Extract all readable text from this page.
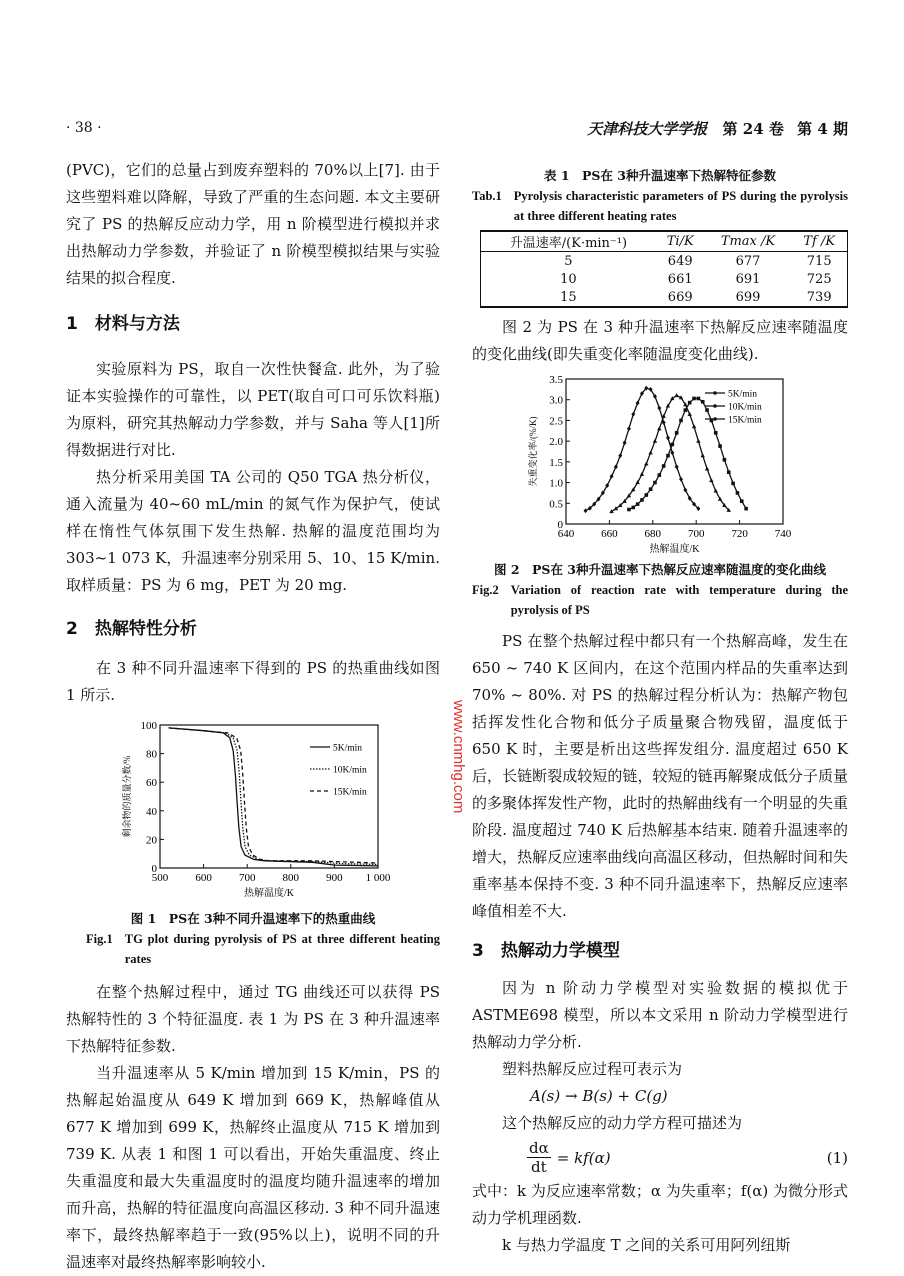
· 38 ·	天津科技大学学报 第 24 卷 第 4 期
(PVC)，它们的总量占到废弃塑料的 70%以上[7]. 由于这些塑料难以降解，导致了严重的生态问题. 本文主要研究了 PS 的热解反应动力学，用 n 阶模型进行模拟并求出热解动力学参数，并验证了 n 阶模型模拟结果与实验结果的拟合程度.
1　材料与方法
实验原料为 PS，取自一次性快餐盒. 此外，为了验证本实验操作的可靠性，以 PET(取自可口可乐饮料瓶)为原料，研究其热解动力学参数，并与 Saha 等人[1]所得数据进行对比.
热分析采用美国 TA 公司的 Q50 TGA 热分析仪，通入流量为 40~60 mL/min 的氮气作为保护气，使试样在惰性气体氛围下发生热解. 热解的温度范围均为 303~1 073 K，升温速率分别采用 5、10、15 K/min. 取样质量：PS 为 6 mg，PET 为 20 mg.
2　热解特性分析
在 3 种不同升温速率下得到的 PS 的热重曲线如图 1 所示.
500 600 700 800 900 1 000
0
20
40
60
80
100
热解温度/K
剩余物的质量分数/%
5K/min
10K/min
15K/min
图 1　PS在 3种不同升温速率下的热重曲线
Fig.1 TG plot during pyrolysis of PS at three different heating rates
在整个热解过程中，通过 TG 曲线还可以获得 PS 热解特性的 3 个特征温度. 表 1 为 PS 在 3 种升温速率下热解特征参数.
当升温速率从 5 K/min 增加到 15 K/min，PS 的热解起始温度从 649 K 增加到 669 K，热解峰值从 677 K 增加到 699 K，热解终止温度从 715 K 增加到 739 K. 从表 1 和图 1 可以看出，开始失重温度、终止失重温度和最大失重温度时的温度均随升温速率的增加而升高，热解的特征温度向高温区移动. 3 种不同升温速率下，最终热解率趋于一致(95%以上)，说明不同的升温速率对最终热解率影响较小.
www.cnmhg.com
表 1　PS在 3种升温速率下热解特征参数
Tab.1 Pyrolysis characteristic parameters of PS during the pyrolysis at three different heating rates
升温速率/(K·min⁻¹)	Ti/K	Tmax /K	Tf /K
5	649	677	715
10	661	691	725
15	669	699	739
图 2 为 PS 在 3 种升温速率下热解反应速率随温度的变化曲线(即失重变化率随温度变化曲线).
640 660 680 700 720 740
0
0.5
1.0
1.5
2.0
2.5
3.0
3.5
热解温度/K
失重变化率/(%/K)
5K/min
10K/min
15K/min
图 2　PS在 3种升温速率下热解反应速率随温度的变化曲线
Fig.2 Variation of reaction rate with temperature during the pyrolysis of PS
PS 在整个热解过程中都只有一个热解高峰，发生在 650 ~ 740 K 区间内，在这个范围内样品的失重率达到 70% ~ 80%. 对 PS 的热解过程分析认为：热解产物包括挥发性化合物和低分子质量聚合物残留，温度低于 650 K 时，主要是析出这些挥发组分. 温度超过 650 K 后，长链断裂成较短的链，较短的链再解聚成低分子质量的多聚体挥发性产物，此时的热解曲线有一个明显的失重阶段. 温度超过 740 K 后热解基本结束. 随着升温速率的增大，热解反应速率曲线向高温区移动，但热解时间和失重率基本保持不变. 3 种不同升温速率下，热解反应速率峰值相差不大.
3　热解动力学模型
因为 n 阶动力学模型对实验数据的模拟优于 ASTME698 模型，所以本文采用 n 阶动力学模型进行热解动力学分析.
塑料热解反应过程可表示为
A(s) → B(s) + C(g)
这个热解反应的动力学方程可描述为
$\frac{d\alpha}{dt} = kf(\alpha)$	(1)
式中：k 为反应速率常数；α 为失重率；f(α) 为微分形式动力学机理函数.
k 与热力学温度 T 之间的关系可用阿列纽斯
